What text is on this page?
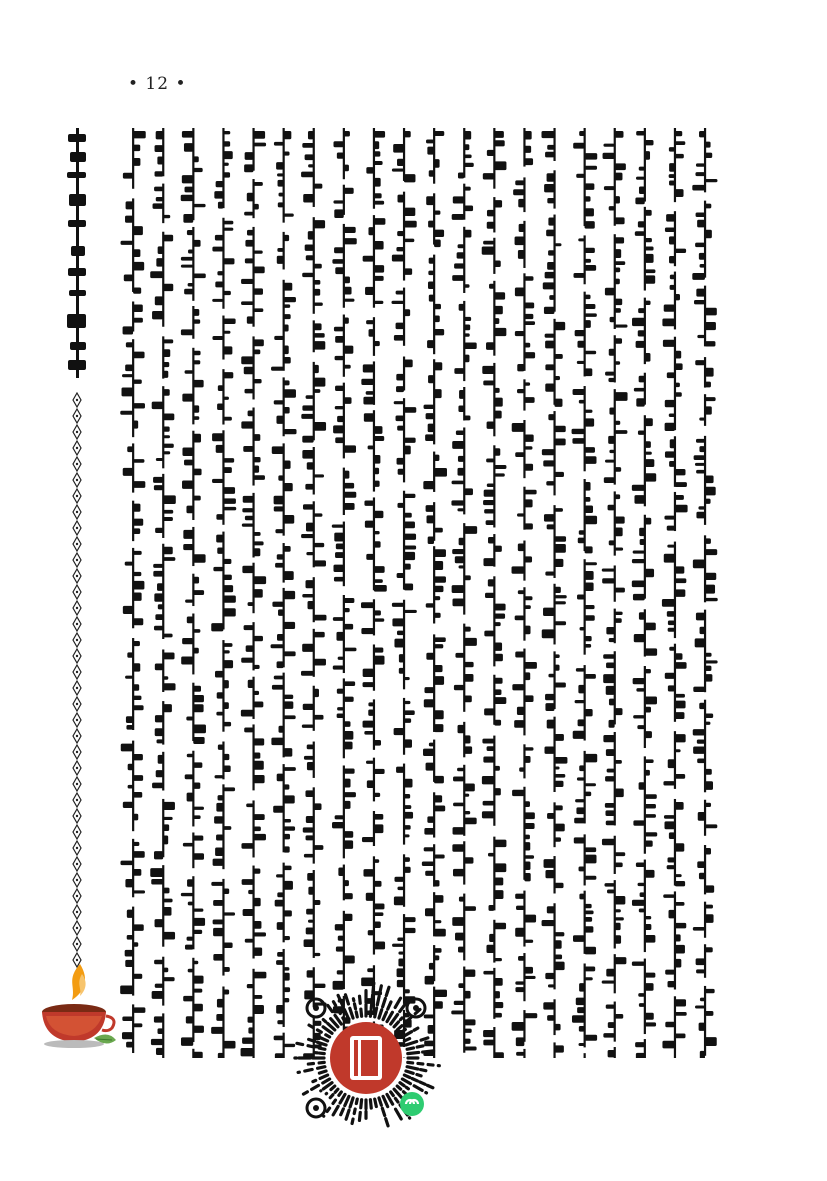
• 12 •
